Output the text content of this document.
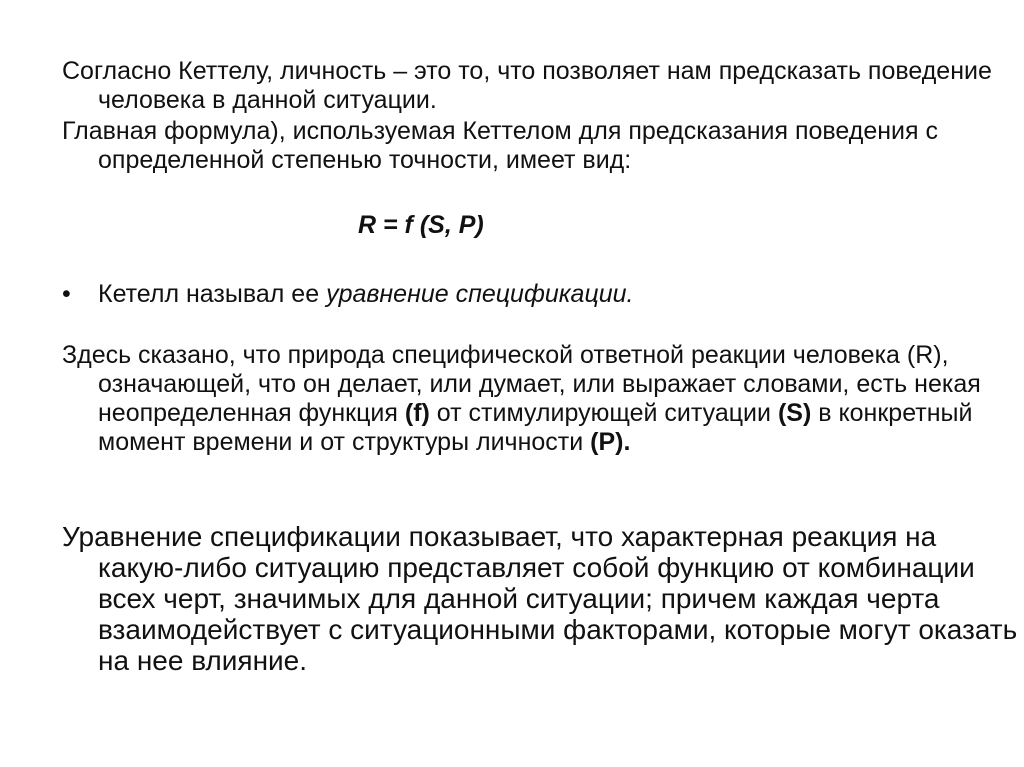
Согласно Кеттелу, личность – это то, что позволяет нам предсказать поведение человека в данной ситуации.
Главная формула), используемая Кеттелом для предсказания поведения с определенной степенью точности, имеет вид:
R = f (S, P)
• Кетелл называл ее уравнение спецификации.
Здесь сказано, что природа специфической ответной реакции человека (R), означающей, что он делает, или думает, или выражает словами, есть некая неопределенная функция (f) от стимулирующей ситуации (S) в конкретный момент времени и от структуры личности (P).
Уравнение спецификации показывает, что характерная реакция на какую-либо ситуацию представляет собой функцию от комбинации всех черт, значимых для данной ситуации; причем каждая черта взаимодействует с ситуационными факторами, которые могут оказать на нее влияние.
